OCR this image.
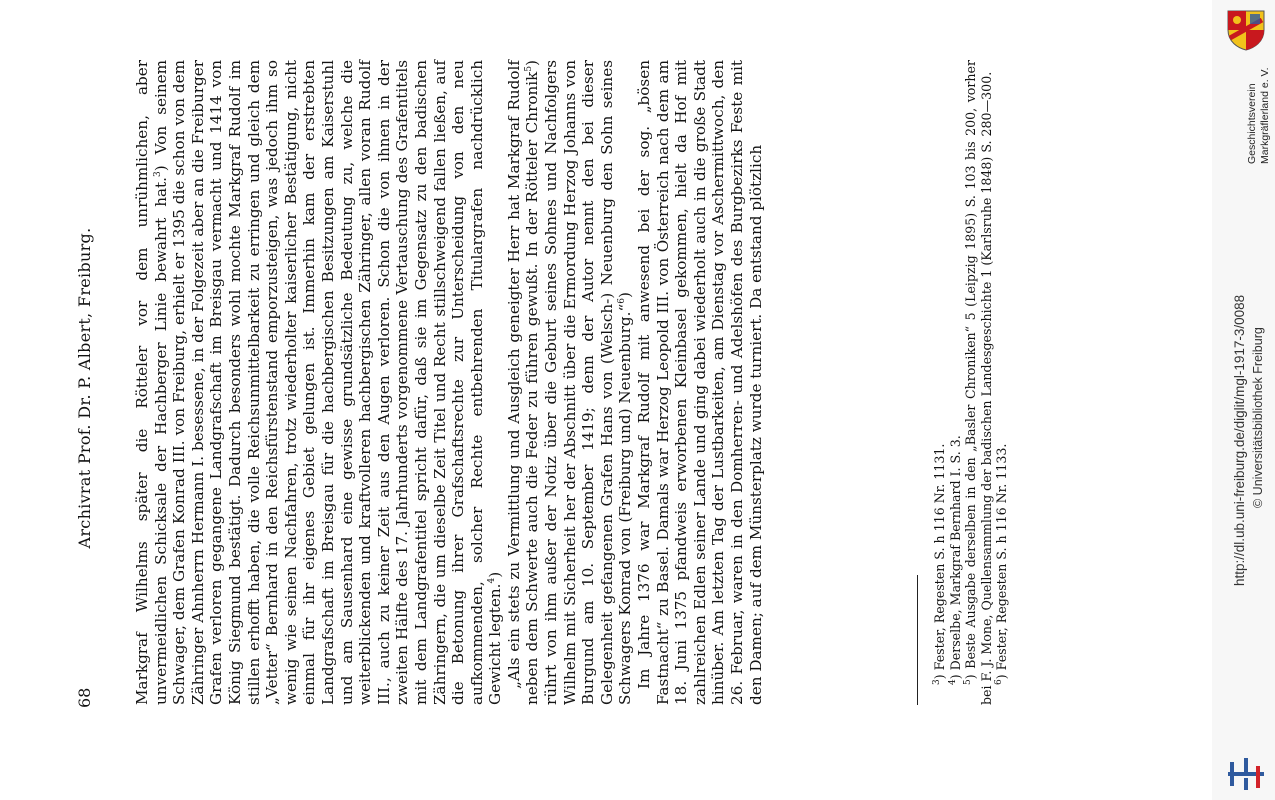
68
Archivrat Prof. Dr. P. Albert, Freiburg.	Markgraf Wilhelms später die Rötteler vor dem unrühmlichen, aber unvermeidlichen Schicksale der Hachberger Linie bewahrt hat.$^3$) Von seinem Schwager, dem Grafen Konrad III. von Freiburg, erhielt er 1395 die schon von dem Zähringer Ahnherrn Hermann I. besessene, in der Folgezeit aber an die Freiburger Grafen verloren gegangene Landgrafschaft im Breisgau vermacht und 1414 von König Siegmund bestätigt. Dadurch besonders wohl mochte Markgraf Rudolf im stillen erhofft haben, die volle Reichsunmittelbarkeit zu erringen und gleich dem „Vetter“ Bernhard in den Reichsfürstenstand emporzusteigen, was jedoch ihm so wenig wie seinen Nachfahren, trotz wiederholter kaiserlicher Bestätigung, nicht einmal für ihr eigenes Gebiet gelungen ist. Immerhin kam der erstrebten Landgrafschaft im Breisgau für die hachbergischen Besitzungen am Kaiserstuhl und am Sausenhard eine gewisse grundsätzliche Bedeutung zu, welche die weiterblickenden und kraftvolleren hachbergischen Zähringer, allen voran Rudolf III., auch zu keiner Zeit aus den Augen verloren. Schon die von ihnen in der zweiten Hälfte des 17. Jahrhunderts vorgenommene Vertauschung des Grafentitels mit dem Landgrafentitel spricht dafür, daß sie im Gegensatz zu den badischen Zähringern, die um dieselbe Zeit Titel und Recht stillschweigend fallen ließen, auf die Betonung ihrer Grafschaftsrechte zur Unterscheidung von den neu aufkommenden, solcher Rechte entbehrenden Titulargrafen nachdrücklich Gewicht legten.$^4$) „Als ein stets zu Vermittlung und Ausgleich geneigter Herr hat Markgraf Rudolf neben dem Schwerte auch die Feder zu führen gewußt. In der Rötteler Chronik$^5$) rührt von ihm außer der Notiz über die Geburt seines Sohnes und Nachfolgers Wilhelm mit Sicherheit her der Abschnitt über die Ermordung Herzog Johanns von Burgund am 10. September 1419; denn der Autor nennt den bei dieser Gelegenheit gefangenen Grafen Hans von (Welsch-) Neuenburg den Sohn seines Schwagers Konrad von (Freiburg und) Neuenburg.“$^6$) Im Jahre 1376 war Markgraf Rudolf mit anwesend bei der sog. „bösen Fastnacht“ zu Basel. Damals war Herzog Leopold III. von Österreich nach dem am 18. Juni 1375 pfandweis erworbenen Kleinbasel gekommen, hielt da Hof mit zahlreichen Edlen seiner Lande und ging dabei wiederholt auch in die große Stadt hinüber. Am letzten Tag der Lustbarkeiten, am Dienstag vor Aschermittwoch, den 26. Februar, waren in den Domherren- und Adelshöfen des Burgbezirks Feste mit den Damen; auf dem Münsterplatz wurde turniert. Da entstand plötzlich	$^3$) Fester, Regesten S. h 116 Nr. 1131.

$^4$) Derselbe, Markgraf Bernhard I. S. 3.

$^5$) Beste Ausgabe derselben in den „Basler Chroniken“ 5 (Leipzig 1895) S. 103 bis 200, vorher bei F. J. Mone, Quellensammlung der badischen Landesgeschichte 1 (Karlsruhe 1848) S. 280—300. $^6$) Fester, Regesten S. h 116 Nr. 1133.

Geschichtsverein Markgräflerland e. V.
http://dl.ub.uni-freiburg.de/diglit/mgl-1917-3/0088 © Universitätsbibliothek Freiburg
